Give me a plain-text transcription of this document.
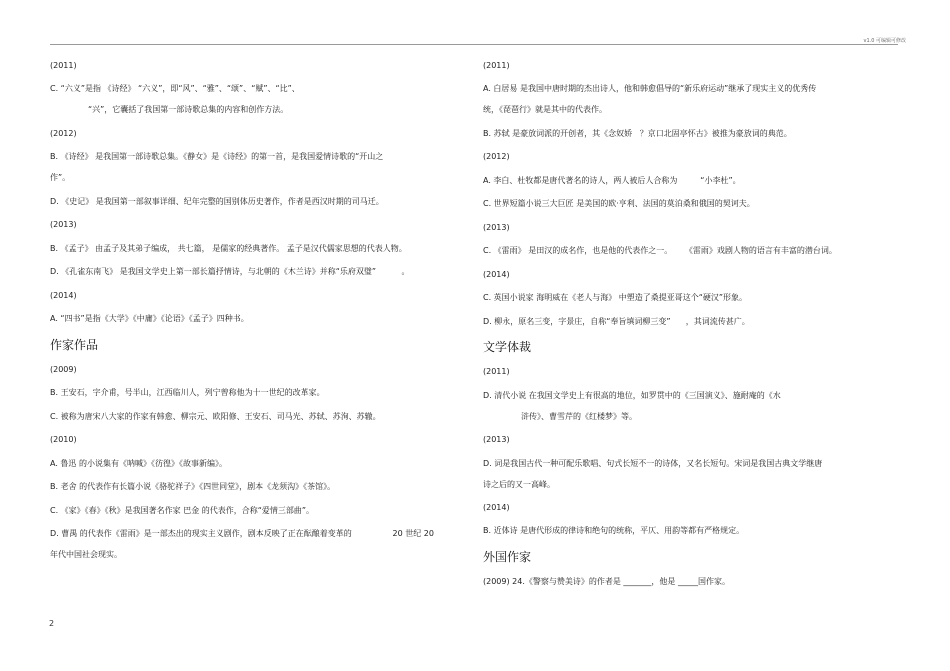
v1.0 可编辑可修改
(2011)
C. “六义”是指 《诗经》 “六义”，即“风”、“雅”、“颂”、“赋”、“比”、
“兴”，它囊括了我国第一部诗歌总集的内容和创作方法。
(2012)
B. 《诗经》 是我国第一部诗歌总集。《静女》是《诗经》的第一首，是我国爱情诗歌的“开山之
作”。
D. 《史记》 是我国第一部叙事详细、纪年完整的国别体历史著作，作者是西汉时期的司马迁。
(2013)
B. 《孟子》 由孟子及其弟子编成， 共七篇， 是儒家的经典著作。 孟子是汉代儒家思想的代表人物。
D. 《孔雀东南飞》 是我国文学史上第一部长篇抒情诗，与北朝的《木兰诗》并称“乐府双璧”          。
(2014)
A. “四书”是指《大学》《中庸》《论语》《孟子》四种书。
作家作品
(2009)
B. 王安石，字介甫，号半山，江西临川人，列宁曾称他为十一世纪的改革家。
C. 被称为唐宋八大家的作家有韩愈、柳宗元、欧阳修、王安石、司马光、苏轼、苏洵、苏辙。
(2010)
A. 鲁迅 的小说集有《呐喊》《彷徨》《故事新编》。
B. 老舍 的代表作有长篇小说《骆驼祥子》《四世同堂》，剧本《龙须沟》《茶馆》。
C. 《家》《春》《秋》是我国著名作家 巴金 的代表作，合称“爱情三部曲”。
D. 曹禺 的代表作《雷雨》是一部杰出的现实主义剧作，剧本反映了正在酝酿着变革的                20 世纪 20
年代中国社会现实。
(2011)
A. 白居易 是我国中唐时期的杰出诗人，他和韩愈倡导的“新乐府运动”继承了现实主义的优秀传
统，《琵琶行》就是其中的代表作。
B. 苏轼 是豪放词派的开创者，其《念奴娇   ？京口北固亭怀古》被推为豪放词的典范。
(2012)
A. 李白、杜牧都是唐代著名的诗人，两人被后人合称为         “小李杜”。
C. 世界短篇小说三大巨匠 是美国的欧·亨利、法国的莫泊桑和俄国的契诃夫。
(2013)
C. 《雷雨》 是田汉的成名作，也是他的代表作之一。     《雷雨》戏剧人物的语言有丰富的潜台词。
(2014)
C. 英国小说家 海明威在《老人与海》 中塑造了桑提亚哥这个“硬汉”形象。
D. 柳永，原名三变，字景庄，自称“奉旨填词柳三变”      ，其词流传甚广。
文学体裁
(2011)
D. 清代小说 在我国文学史上有很高的地位，如罗贯中的《三国演义》、施耐庵的《水
浒传》、曹雪芹的《红楼梦》等。
(2013)
D. 词是我国古代一种可配乐歌唱、句式长短不一的诗体，又名长短句。宋词是我国古典文学继唐
诗之后的又一高峰。
(2014)
B. 近体诗 是唐代形成的律诗和绝句的统称，平仄、用韵等都有严格规定。
外国作家
(2009) 24.《警察与赞美诗》的作者是 _______，他是 _____国作家。
2
